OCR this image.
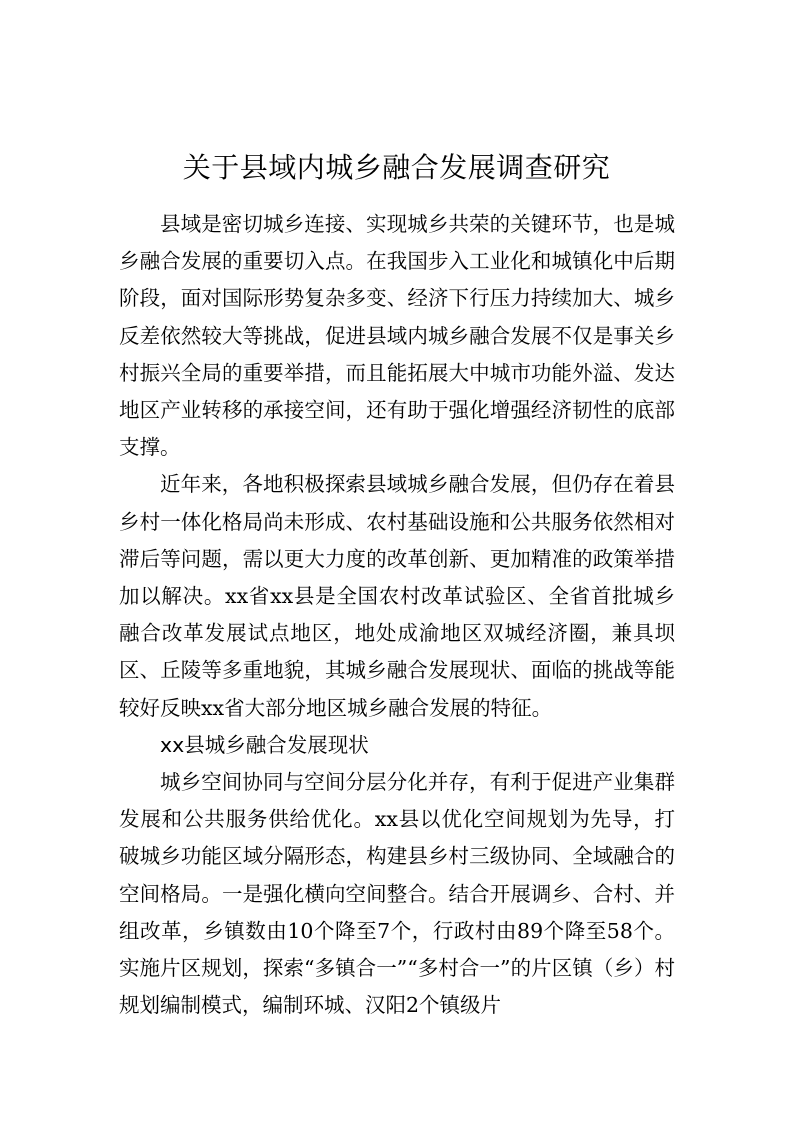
关于县域内城乡融合发展调查研究

县域是密切城乡连接、实现城乡共荣的关键环节，也是城乡融合发展的重要切入点。在我国步入工业化和城镇化中后期阶段，面对国际形势复杂多变、经济下行压力持续加大、城乡反差依然较大等挑战，促进县域内城乡融合发展不仅是事关乡村振兴全局的重要举措，而且能拓展大中城市功能外溢、发达地区产业转移的承接空间，还有助于强化增强经济韧性的底部支撑。

近年来，各地积极探索县域城乡融合发展，但仍存在着县乡村一体化格局尚未形成、农村基础设施和公共服务依然相对滞后等问题，需以更大力度的改革创新、更加精准的政策举措加以解决。xx省xx县是全国农村改革试验区、全省首批城乡融合改革发展试点地区，地处成渝地区双城经济圈，兼具坝区、丘陵等多重地貌，其城乡融合发展现状、面临的挑战等能较好反映xx省大部分地区城乡融合发展的特征。

xx县城乡融合发展现状

城乡空间协同与空间分层分化并存，有利于促进产业集群发展和公共服务供给优化。xx县以优化空间规划为先导，打破城乡功能区域分隔形态，构建县乡村三级协同、全域融合的空间格局。一是强化横向空间整合。结合开展调乡、合村、并组改革，乡镇数由10个降至7个，行政村由89个降至58个。实施片区规划，探索“多镇合一”“多村合一”的片区镇（乡）村规划编制模式，编制环城、汉阳2个镇级片
